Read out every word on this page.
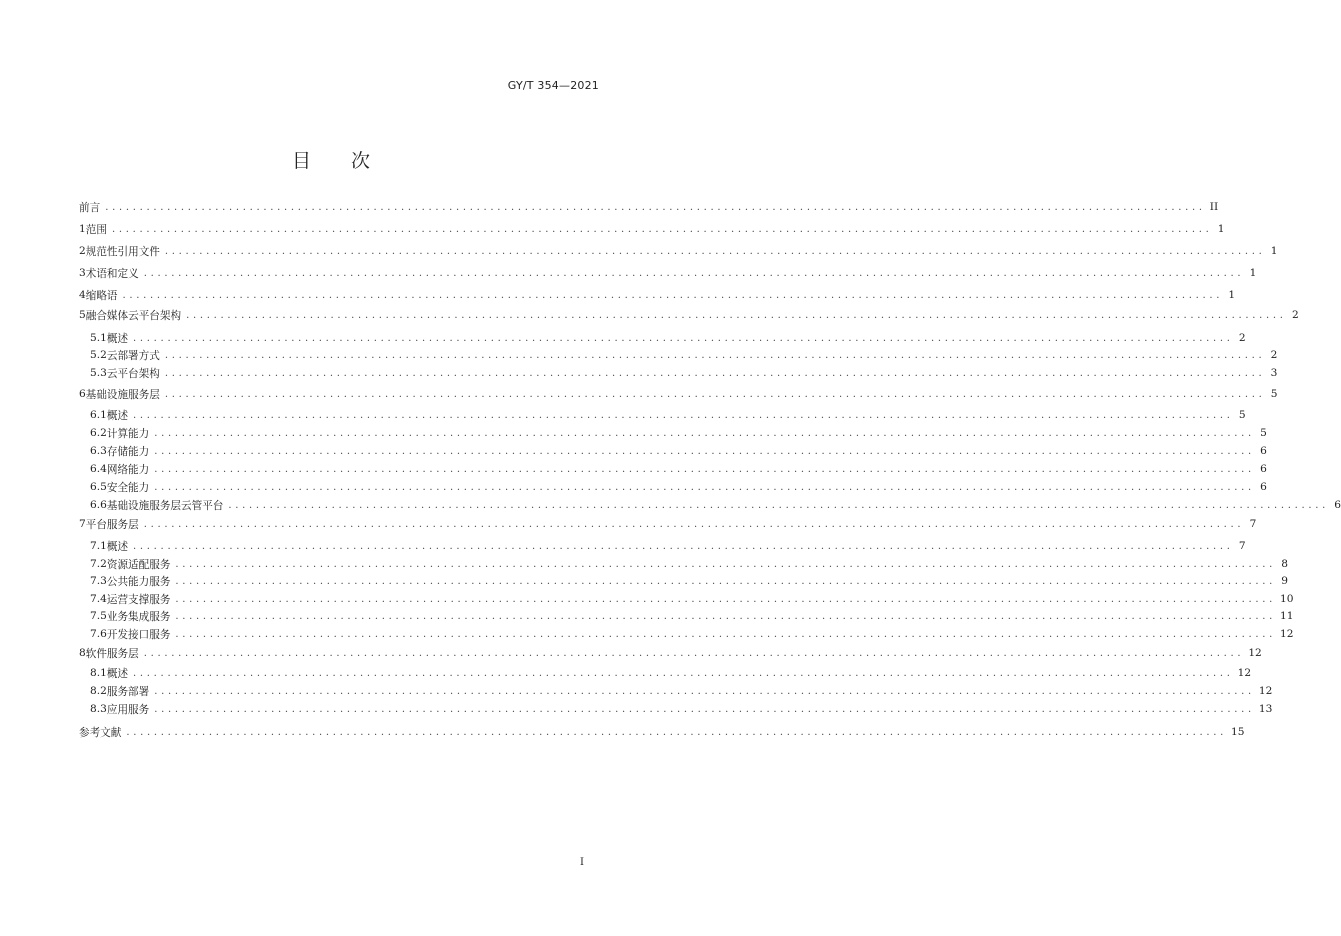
GY/T 354—2021
目 次
前言 ................................................................................................................................................................ II
1 范围 ................................................................................................................................................................ 1
2 规范性引用文件 ................................................................................................................................................................ 1
3 术语和定义 ................................................................................................................................................................ 1
4 缩略语 ................................................................................................................................................................ 1
5 融合媒体云平台架构 ................................................................................................................................................................ 2
5.1 概述 ................................................................................................................................................................ 2
5.2 云部署方式 ................................................................................................................................................................ 2
5.3 云平台架构 ................................................................................................................................................................ 3
6 基础设施服务层 ................................................................................................................................................................ 5
6.1 概述 ................................................................................................................................................................ 5
6.2 计算能力 ................................................................................................................................................................ 5
6.3 存储能力 ................................................................................................................................................................ 6
6.4 网络能力 ................................................................................................................................................................ 6
6.5 安全能力 ................................................................................................................................................................ 6
6.6 基础设施服务层云管平台 ................................................................................................................................................................ 6
7 平台服务层 ................................................................................................................................................................ 7
7.1 概述 ................................................................................................................................................................ 7
7.2 资源适配服务 ................................................................................................................................................................ 8
7.3 公共能力服务 ................................................................................................................................................................ 9
7.4 运营支撑服务 ................................................................................................................................................................ 10
7.5 业务集成服务 ................................................................................................................................................................ 11
7.6 开发接口服务 ................................................................................................................................................................ 12
8 软件服务层 ................................................................................................................................................................ 12
8.1 概述 ................................................................................................................................................................ 12
8.2 服务部署 ................................................................................................................................................................ 12
8.3 应用服务 ................................................................................................................................................................ 13
参考文献 ................................................................................................................................................................ 15
I
